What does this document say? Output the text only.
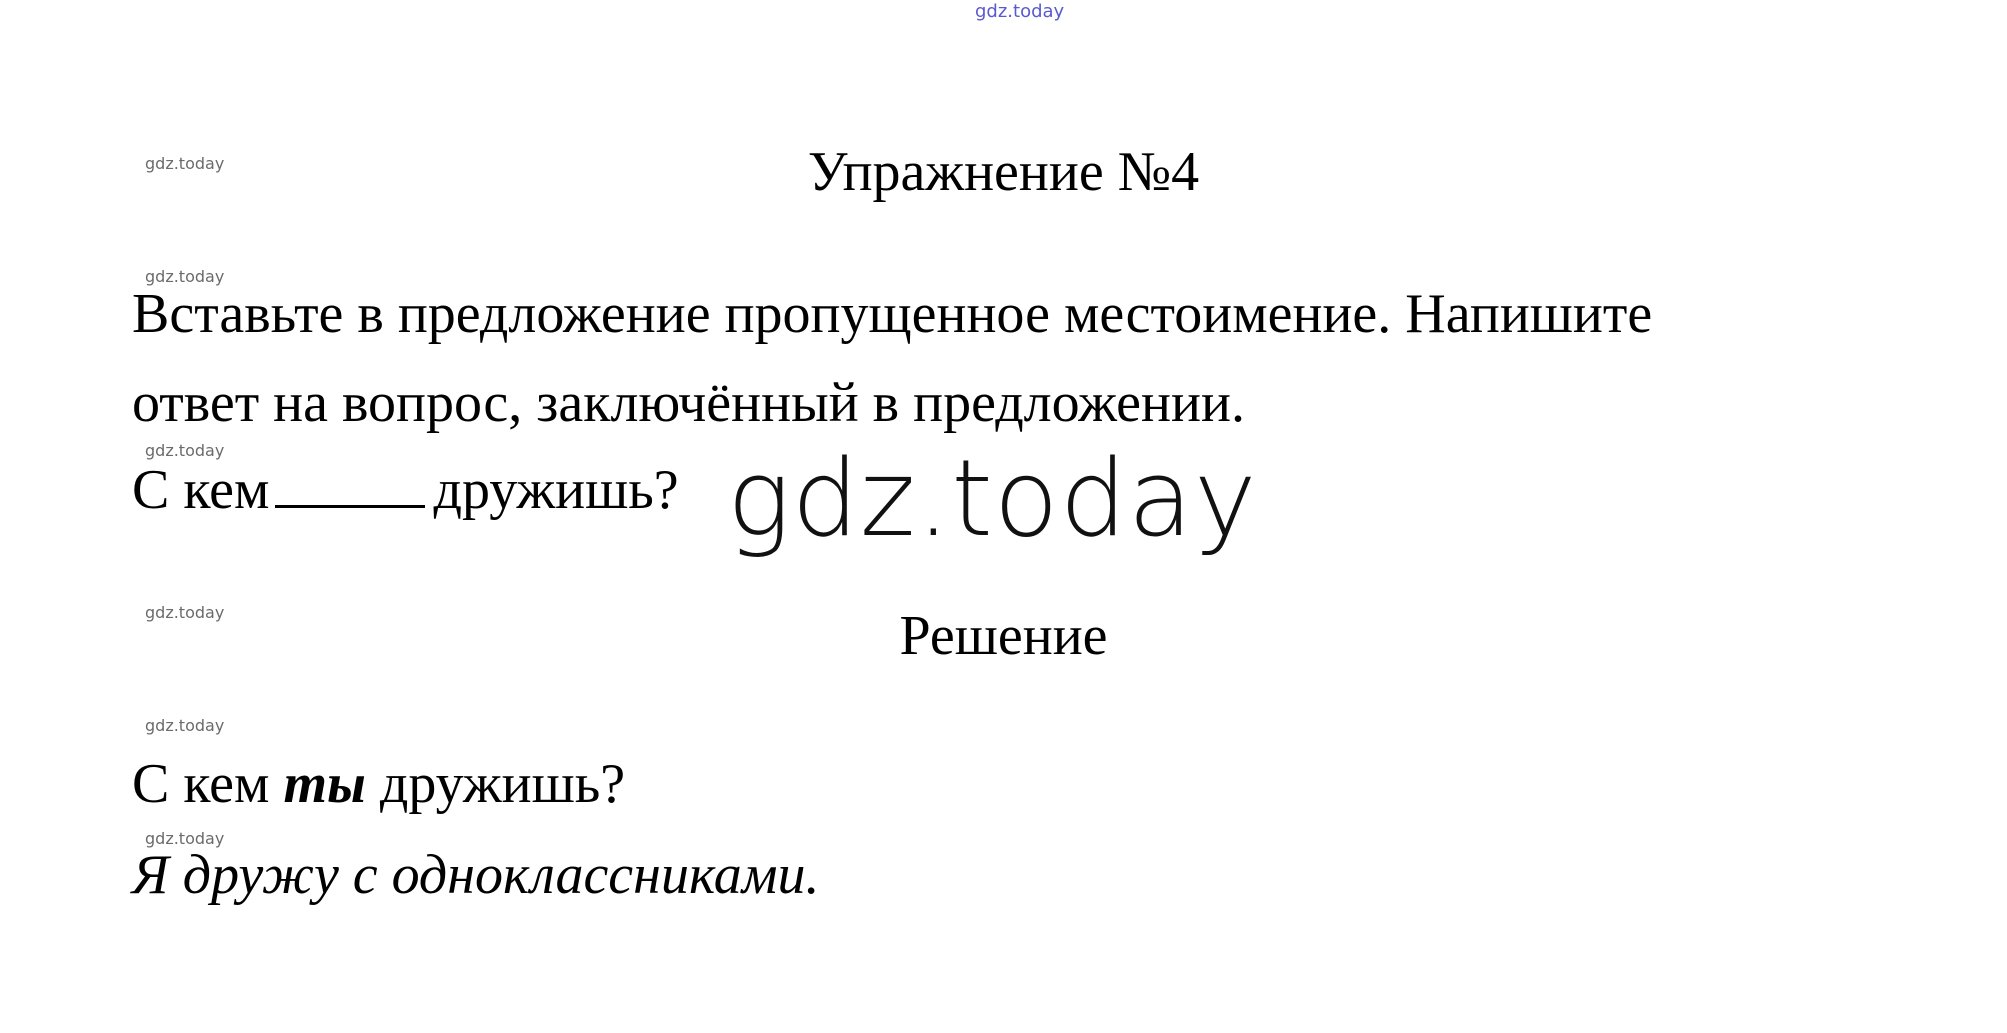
gdz.today
gdz.today
gdz.today
gdz.today
gdz.today
gdz.today
gdz.today
Упражнение №4
Вставьте в предложение пропущенное местоимение. Напишите
ответ на вопрос, заключённый в предложении.
С кем	дружишь? gdz.today
Решение
С кем ты дружишь?
Я дружу с одноклассниками.
